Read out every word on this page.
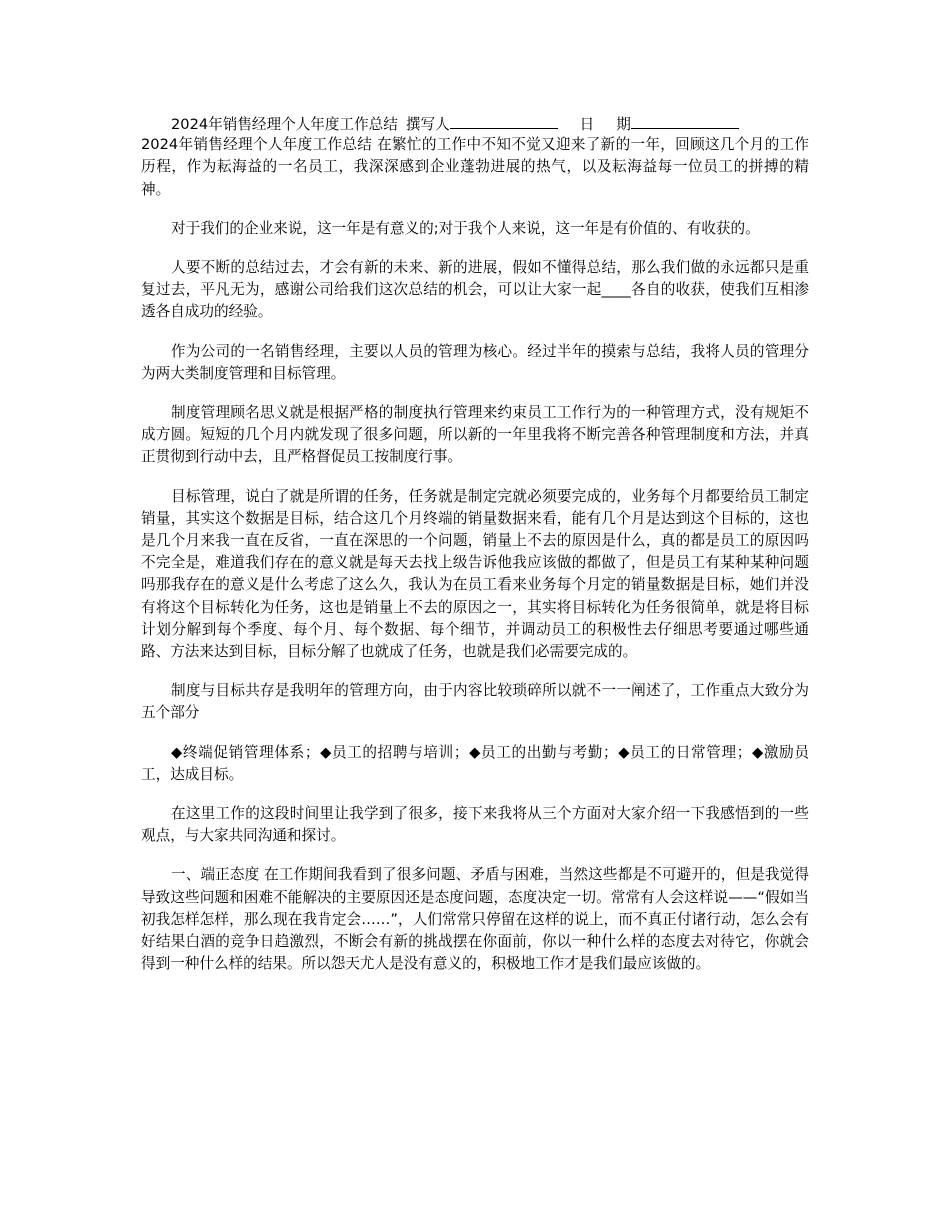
2024年销售经理个人年度工作总结 撰写人	日 期

2024年销售经理个人年度工作总结 在繁忙的工作中不知不觉又迎来了新的一年，回顾这几个月的工作历程，作为耘海益的一名员工，我深深感到企业蓬勃进展的热气，以及耘海益每一位员工的拼搏的精神。

对于我们的企业来说，这一年是有意义的;对于我个人来说，这一年是有价值的、有收获的。

人要不断的总结过去，才会有新的未来、新的进展，假如不懂得总结，那么我们做的永远都只是重复过去，平凡无为，感谢公司给我们这次总结的机会，可以让大家一起____各自的收获，使我们互相渗透各自成功的经验。

作为公司的一名销售经理，主要以人员的管理为核心。经过半年的摸索与总结，我将人员的管理分为两大类制度管理和目标管理。

制度管理顾名思义就是根据严格的制度执行管理来约束员工工作行为的一种管理方式，没有规矩不成方圆。短短的几个月内就发现了很多问题，所以新的一年里我将不断完善各种管理制度和方法，并真正贯彻到行动中去，且严格督促员工按制度行事。

目标管理，说白了就是所谓的任务，任务就是制定完就必须要完成的，业务每个月都要给员工制定销量，其实这个数据是目标，结合这几个月终端的销量数据来看，能有几个月是达到这个目标的，这也是几个月来我一直在反省，一直在深思的一个问题，销量上不去的原因是什么，真的都是员工的原因吗不完全是，难道我们存在的意义就是每天去找上级告诉他我应该做的都做了，但是员工有某种某种问题吗那我存在的意义是什么考虑了这么久，我认为在员工看来业务每个月定的销量数据是目标，她们并没有将这个目标转化为任务，这也是销量上不去的原因之一，其实将目标转化为任务很简单，就是将目标计划分解到每个季度、每个月、每个数据、每个细节，并调动员工的积极性去仔细思考要通过哪些通路、方法来达到目标，目标分解了也就成了任务，也就是我们必需要完成的。

制度与目标共存是我明年的管理方向，由于内容比较琐碎所以就不一一阐述了，工作重点大致分为五个部分

◆终端促销管理体系；◆员工的招聘与培训；◆员工的出勤与考勤；◆员工的日常管理；◆激励员工，达成目标。

在这里工作的这段时间里让我学到了很多，接下来我将从三个方面对大家介绍一下我感悟到的一些观点，与大家共同沟通和探讨。

一、端正态度 在工作期间我看到了很多问题、矛盾与困难，当然这些都是不可避开的，但是我觉得导致这些问题和困难不能解决的主要原因还是态度问题，态度决定一切。常常有人会这样说——“假如当初我怎样怎样，那么现在我肯定会……”，人们常常只停留在这样的说上，而不真正付诸行动，怎么会有好结果白酒的竞争日趋激烈，不断会有新的挑战摆在你面前，你以一种什么样的态度去对待它，你就会得到一种什么样的结果。所以怨天尤人是没有意义的，积极地工作才是我们最应该做的。
